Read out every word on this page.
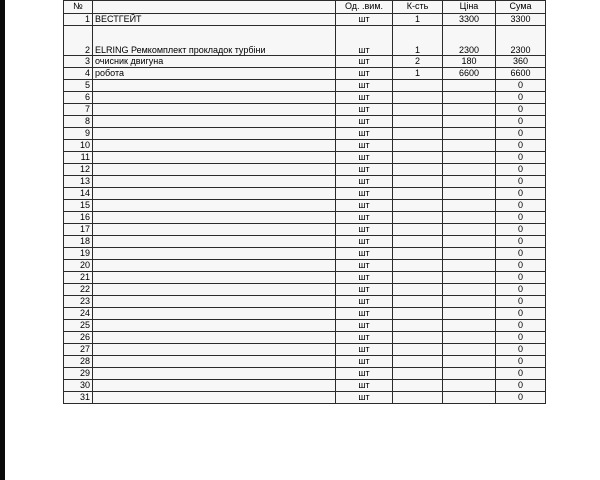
№		Од. .вим.	К-сть	Ціна	Сума
1	ВЕСТГЕЙТ	шт	1	3300	3300
2	ELRING Ремкомплект прокладок турбіни	шт	1	2300	2300
3	очисник двигуна	шт	2	180	360
4	робота	шт	1	6600	6600
5		шт			0
6		шт			0
7		шт			0
8		шт			0
9		шт			0
10		шт			0
11		шт			0
12		шт			0
13		шт			0
14		шт			0
15		шт			0
16		шт			0
17		шт			0
18		шт			0
19		шт			0
20		шт			0
21		шт			0
22		шт			0
23		шт			0
24		шт			0
25		шт			0
26		шт			0
27		шт			0
28		шт			0
29		шт			0
30		шт			0
31		шт			0
